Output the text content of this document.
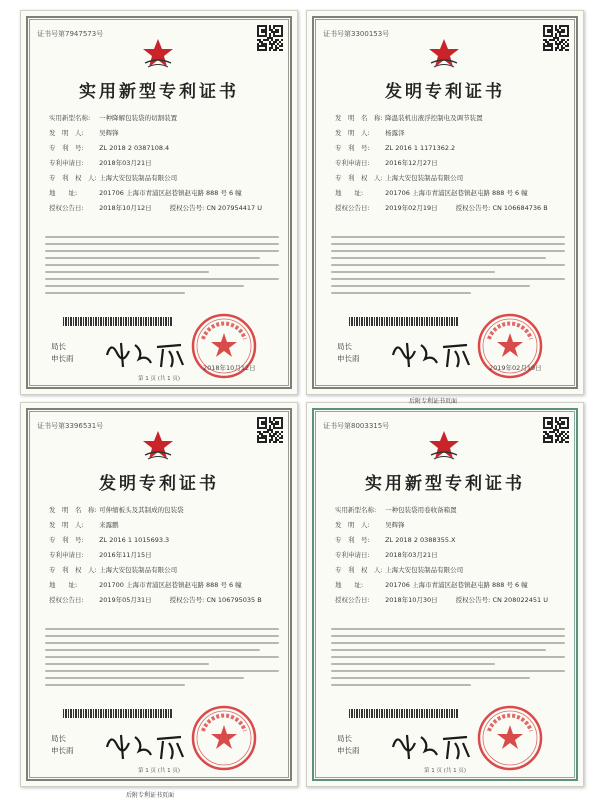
证书号第7947573号
实用新型专利证书
实用新型名称: 一种降解包装袋的切割装置
发　明　人: 吴辉锋
专　利　号: ZL 2018 2 0387108.4
专利申请日: 2018年03月21日
专　利　权　人: 上海大安包装制品有限公司
地　　址:	201706 上海市青浦区赵巷镇赵屯路 888 号 6 幢
授权公告日: 2018年10月12日	授权公告号: CN 207954417 U
局长
申长雨
2018年10月12日
第 1 页 (共 1 页)
证书号第3300153号
发明专利证书
发　明　名　称: 降温装机出液浮控制电及调节装置
发　明　人: 杨露泽
专　利　号: ZL 2016 1 1171362.2
专利申请日: 2016年12月27日
专　利　权　人: 上海大安包装制品有限公司
地　　址:	201706 上海市青浦区赵巷镇赵屯路 888 号 6 幢
授权公告日: 2019年02月19日	授权公告号: CN 106684736 B
局长
申长雨
2019年02月19日
证书号第3396531号
发明专利证书
发　明　名　称: 可伸缩板头及其制成的包装袋
发　明　人: 来露鹏
专　利　号: ZL 2016 1 1015693.3
专利申请日: 2016年11月15日
专　利　权　人: 上海大安包装制品有限公司
地　　址:	201700 上海市青浦区赵巷镇赵屯路 888 号 6 幢
授权公告日: 2019年05月31日	授权公告号: CN 106795035 B
局长
申长雨
第 1 页 (共 1 页)
证书号第8003315号
实用新型专利证书
实用新型名称: 一种包装袋用卷收备箱置
发　明　人: 吴辉锋
专　利　号: ZL 2018 2 0388355.X
专利申请日: 2018年03月21日
专　利　权　人: 上海大安包装制品有限公司
地　　址:	201706 上海市青浦区赵巷镇赵屯路 888 号 6 幢
授权公告日: 2018年10月30日	授权公告号: CN 208022451 U
局长
申长雨
第 1 页 (共 1 页)
后附专利证书页面
后附专利证书页面
